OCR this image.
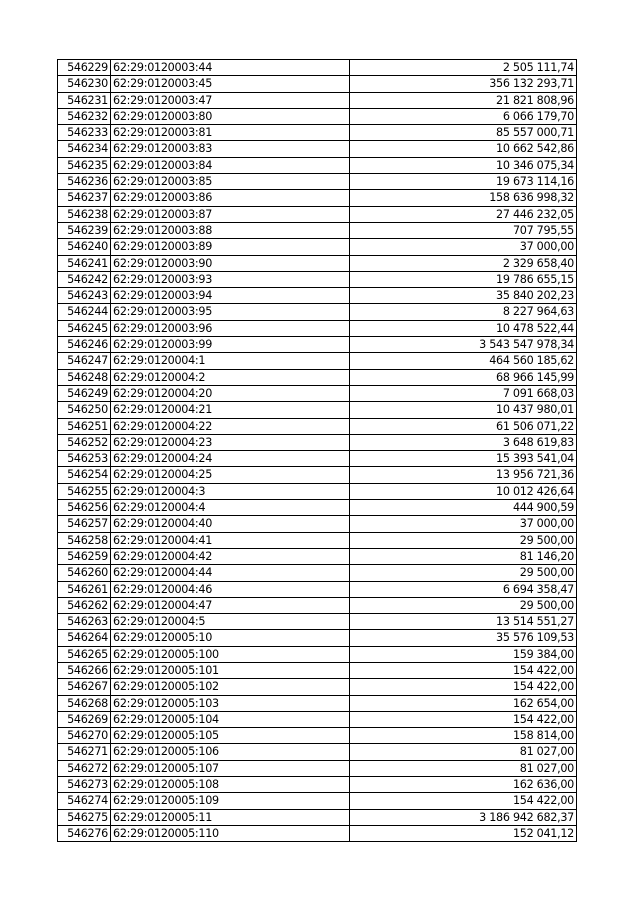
546229	62:29:0120003:44	2 505 111,74
546230	62:29:0120003:45	356 132 293,71
546231	62:29:0120003:47	21 821 808,96
546232	62:29:0120003:80	6 066 179,70
546233	62:29:0120003:81	85 557 000,71
546234	62:29:0120003:83	10 662 542,86
546235	62:29:0120003:84	10 346 075,34
546236	62:29:0120003:85	19 673 114,16
546237	62:29:0120003:86	158 636 998,32
546238	62:29:0120003:87	27 446 232,05
546239	62:29:0120003:88	707 795,55
546240	62:29:0120003:89	37 000,00
546241	62:29:0120003:90	2 329 658,40
546242	62:29:0120003:93	19 786 655,15
546243	62:29:0120003:94	35 840 202,23
546244	62:29:0120003:95	8 227 964,63
546245	62:29:0120003:96	10 478 522,44
546246	62:29:0120003:99	3 543 547 978,34
546247	62:29:0120004:1	464 560 185,62
546248	62:29:0120004:2	68 966 145,99
546249	62:29:0120004:20	7 091 668,03
546250	62:29:0120004:21	10 437 980,01
546251	62:29:0120004:22	61 506 071,22
546252	62:29:0120004:23	3 648 619,83
546253	62:29:0120004:24	15 393 541,04
546254	62:29:0120004:25	13 956 721,36
546255	62:29:0120004:3	10 012 426,64
546256	62:29:0120004:4	444 900,59
546257	62:29:0120004:40	37 000,00
546258	62:29:0120004:41	29 500,00
546259	62:29:0120004:42	81 146,20
546260	62:29:0120004:44	29 500,00
546261	62:29:0120004:46	6 694 358,47
546262	62:29:0120004:47	29 500,00
546263	62:29:0120004:5	13 514 551,27
546264	62:29:0120005:10	35 576 109,53
546265	62:29:0120005:100	159 384,00
546266	62:29:0120005:101	154 422,00
546267	62:29:0120005:102	154 422,00
546268	62:29:0120005:103	162 654,00
546269	62:29:0120005:104	154 422,00
546270	62:29:0120005:105	158 814,00
546271	62:29:0120005:106	81 027,00
546272	62:29:0120005:107	81 027,00
546273	62:29:0120005:108	162 636,00
546274	62:29:0120005:109	154 422,00
546275	62:29:0120005:11	3 186 942 682,37
546276	62:29:0120005:110	152 041,12
